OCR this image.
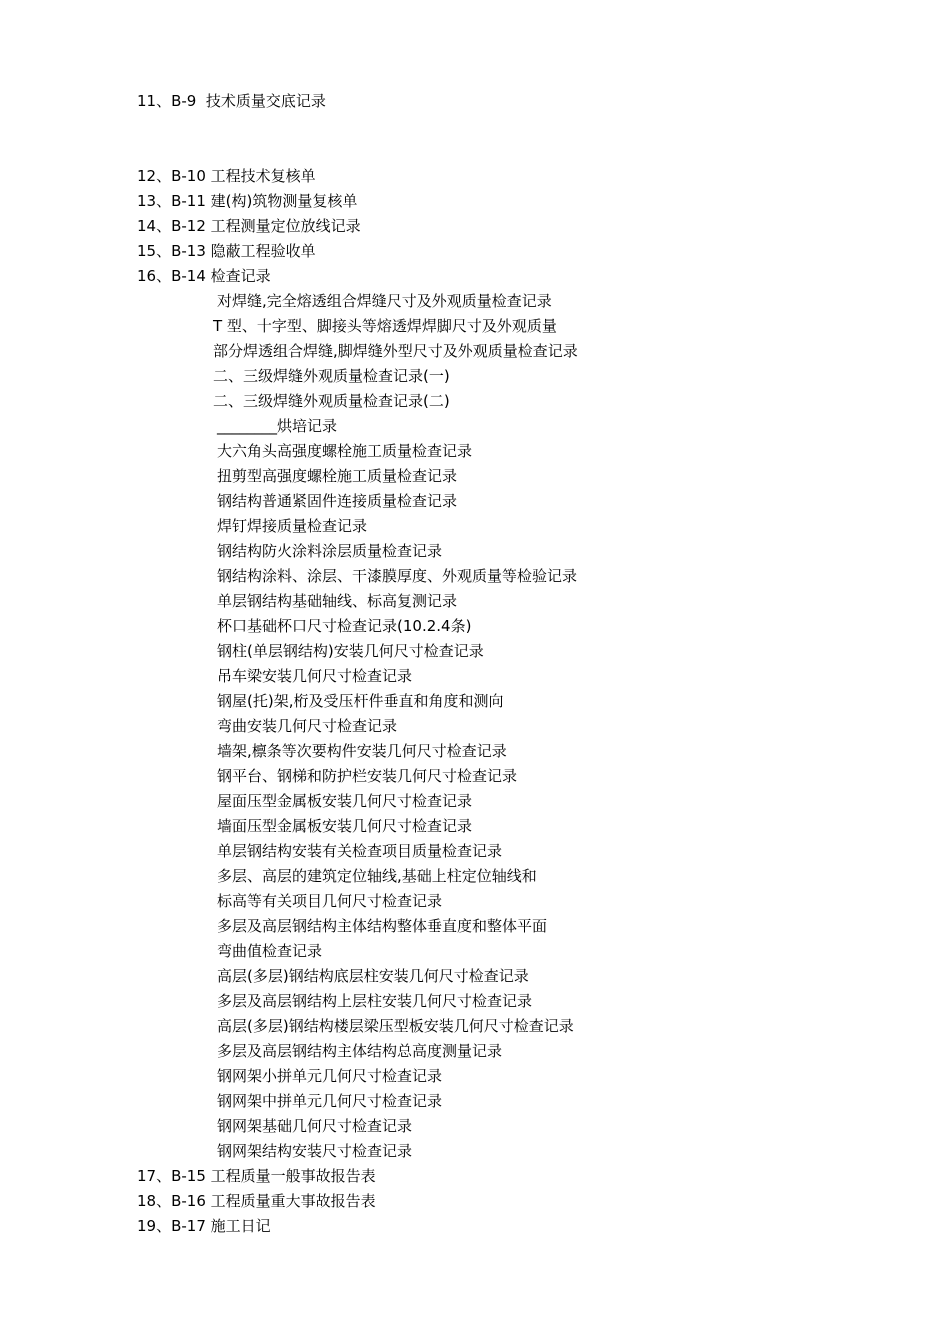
11、B-9  技术质量交底记录
12、B-10 工程技术复核单
13、B-11 建(构)筑物测量复核单
14、B-12 工程测量定位放线记录
15、B-13 隐蔽工程验收单
16、B-14 检查记录
对焊缝,完全熔透组合焊缝尺寸及外观质量检查记录
T 型、十字型、脚接头等熔透焊焊脚尺寸及外观质量
部分焊透组合焊缝,脚焊缝外型尺寸及外观质量检查记录
二、三级焊缝外观质量检查记录(一)
二、三级焊缝外观质量检查记录(二)
________烘培记录
大六角头高强度螺栓施工质量检查记录
扭剪型高强度螺栓施工质量检查记录
钢结构普通紧固件连接质量检查记录
焊钉焊接质量检查记录
钢结构防火涂料涂层质量检查记录
钢结构涂料、涂层、干漆膜厚度、外观质量等检验记录
单层钢结构基础轴线、标高复测记录
杯口基础杯口尺寸检查记录(10.2.4条)
钢柱(单层钢结构)安装几何尺寸检查记录
吊车梁安装几何尺寸检查记录
钢屋(托)架,桁及受压杆件垂直和角度和测向
弯曲安装几何尺寸检查记录
墙架,檩条等次要构件安装几何尺寸检查记录
钢平台、钢梯和防护栏安装几何尺寸检查记录
屋面压型金属板安装几何尺寸检查记录
墙面压型金属板安装几何尺寸检查记录
单层钢结构安装有关检查项目质量检查记录
多层、高层的建筑定位轴线,基础上柱定位轴线和
标高等有关项目几何尺寸检查记录
多层及高层钢结构主体结构整体垂直度和整体平面
弯曲值检查记录
高层(多层)钢结构底层柱安装几何尺寸检查记录
多层及高层钢结构上层柱安装几何尺寸检查记录
高层(多层)钢结构楼层梁压型板安装几何尺寸检查记录
多层及高层钢结构主体结构总高度测量记录
钢网架小拼单元几何尺寸检查记录
钢网架中拼单元几何尺寸检查记录
钢网架基础几何尺寸检查记录
钢网架结构安装尺寸检查记录
17、B-15 工程质量一般事故报告表
18、B-16 工程质量重大事故报告表
19、B-17 施工日记
